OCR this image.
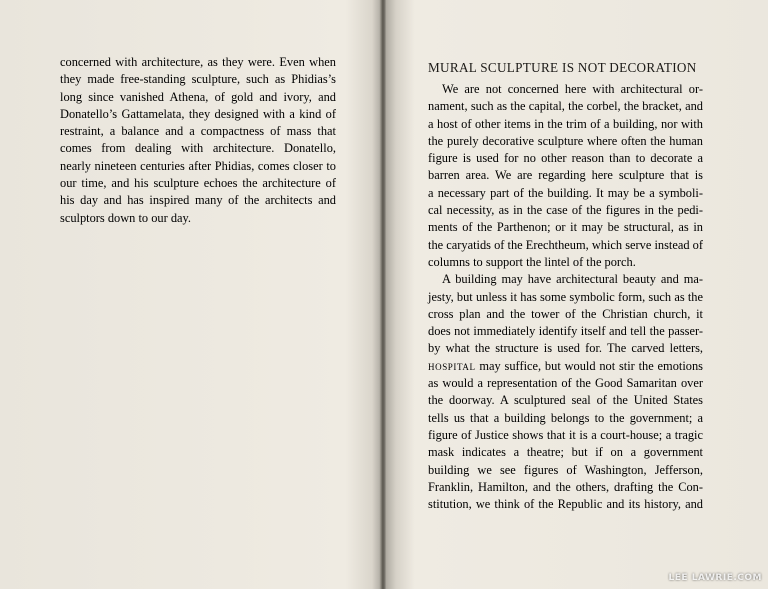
concerned with architecture, as they were. Even when
they made free-standing sculpture, such as Phidias’s
long since vanished Athena, of gold and ivory, and
Donatello’s Gattamelata, they designed with a kind of
restraint, a balance and a compactness of mass that
comes from dealing with architecture. Donatello,
nearly nineteen centuries after Phidias, comes closer to
our time, and his sculpture echoes the architecture of
his day and has inspired many of the architects and
sculptors down to our day.
MURAL SCULPTURE IS NOT DECORATION
We are not concerned here with architectural or-
nament, such as the capital, the corbel, the bracket, and
a host of other items in the trim of a building, nor with
the purely decorative sculpture where often the human
figure is used for no other reason than to decorate a
barren area. We are regarding here sculpture that is
a necessary part of the building. It may be a symboli-
cal necessity, as in the case of the figures in the pedi-
ments of the Parthenon; or it may be structural, as in
the caryatids of the Erechtheum, which serve instead of
columns to support the lintel of the porch.
A building may have architectural beauty and ma-
jesty, but unless it has some symbolic form, such as the
cross plan and the tower of the Christian church, it
does not immediately identify itself and tell the passer-
by what the structure is used for. The carved letters,
hospital may suffice, but would not stir the emotions
as would a representation of the Good Samaritan over
the doorway. A sculptured seal of the United States
tells us that a building belongs to the government; a
figure of Justice shows that it is a court-house; a tragic
mask indicates a theatre; but if on a government
building we see figures of Washington, Jefferson,
Franklin, Hamilton, and the others, drafting the Con-
stitution, we think of the Republic and its history, and
LEE LAWRIE.COM
